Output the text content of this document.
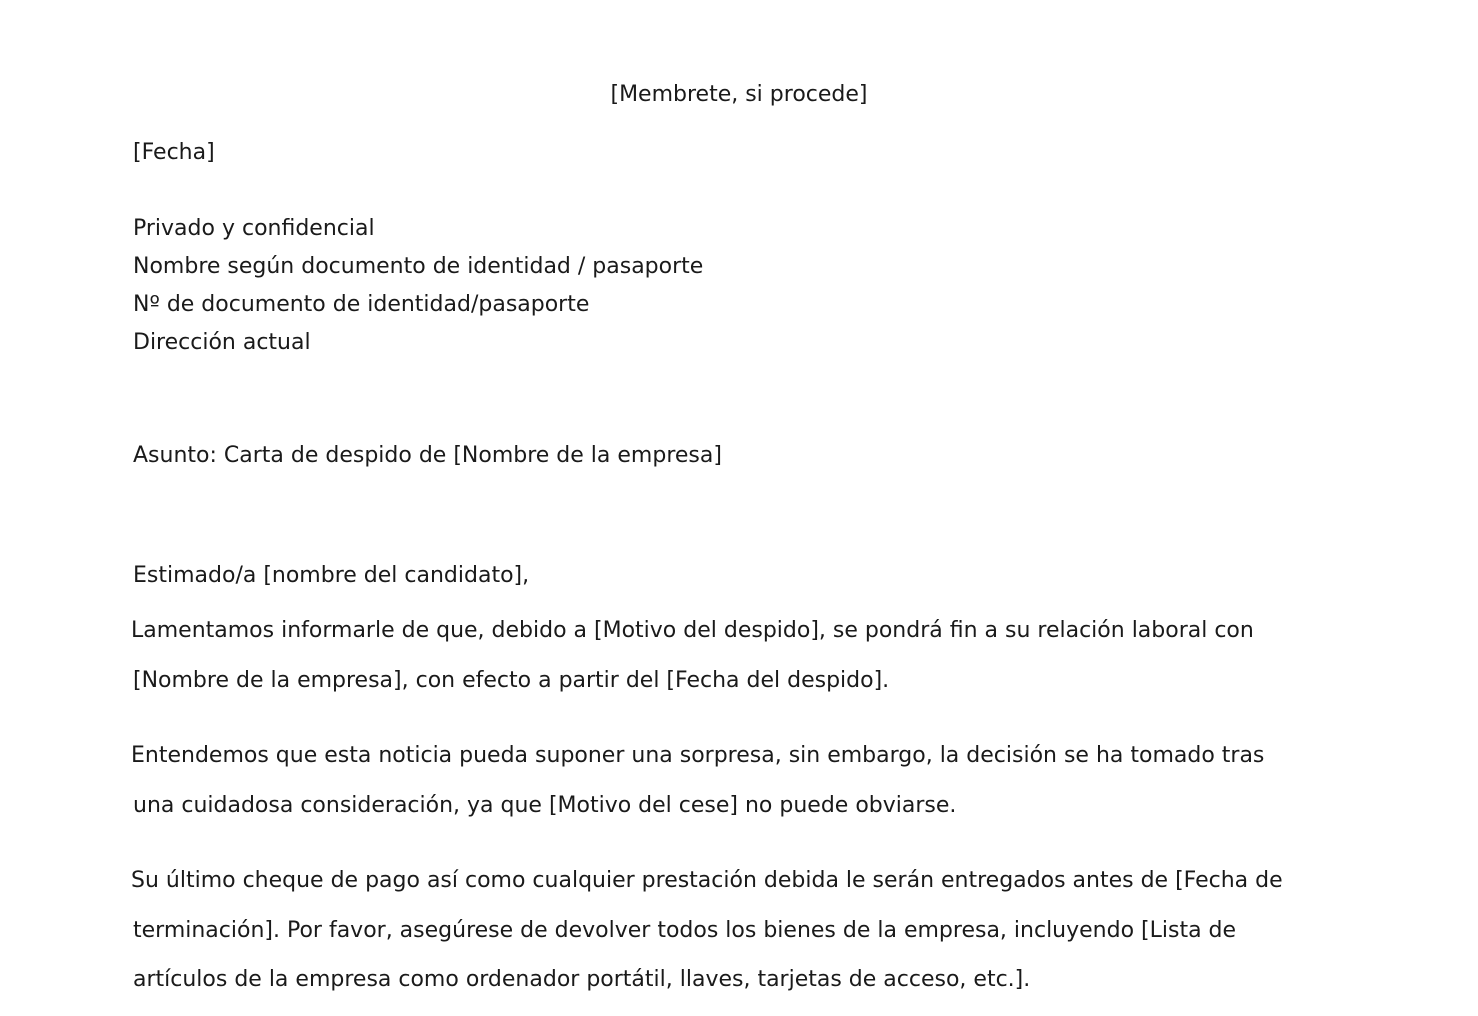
[Membrete, si procede]
[Fecha]
Privado y confidencial
Nombre según documento de identidad / pasaporte
Nº de documento de identidad/pasaporte
Dirección actual
Asunto: Carta de despido de [Nombre de la empresa]
Estimado/a [nombre del candidato],
Lamentamos informarle de que, debido a [Motivo del despido], se pondrá fin a su relación laboral con
[Nombre de la empresa], con efecto a partir del [Fecha del despido].
Entendemos que esta noticia pueda suponer una sorpresa, sin embargo, la decisión se ha tomado tras
una cuidadosa consideración, ya que [Motivo del cese] no puede obviarse.
Su último cheque de pago así como cualquier prestación debida le serán entregados antes de [Fecha de
terminación]. Por favor, asegúrese de devolver todos los bienes de la empresa, incluyendo [Lista de
artículos de la empresa como ordenador portátil, llaves, tarjetas de acceso, etc.].
